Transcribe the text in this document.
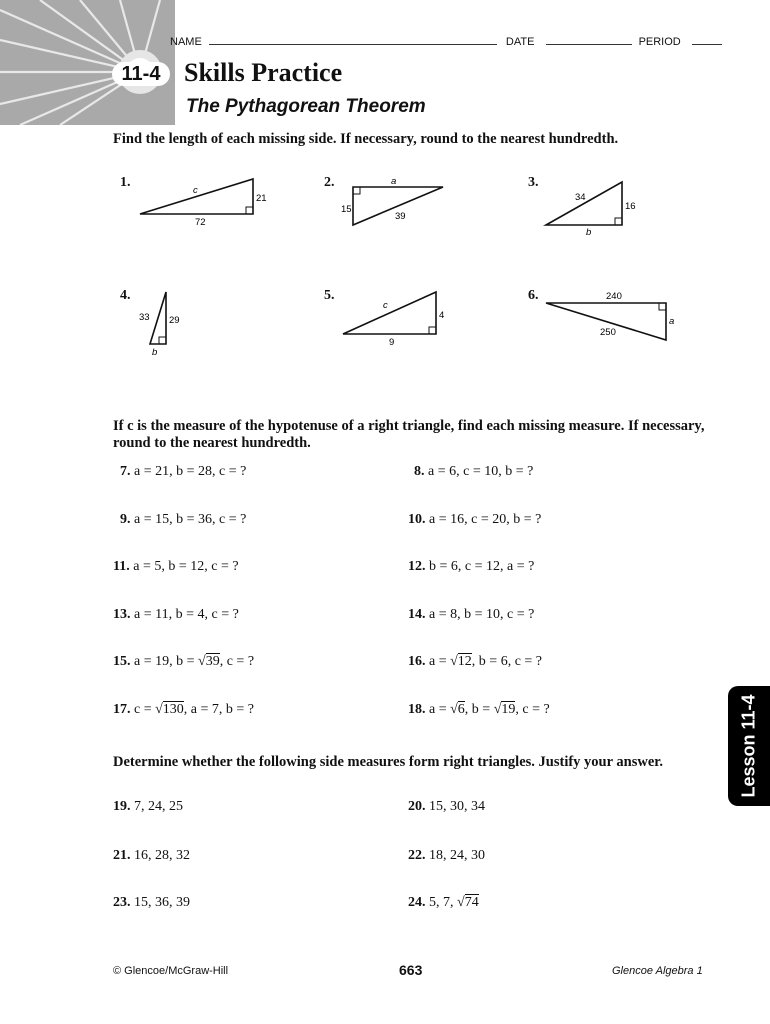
NAME	DATE	PERIOD
11-4 Skills Practice
The Pythagorean Theorem
Find the length of each missing side. If necessary, round to the nearest hundredth.
1.
c
21
72
2.	a
15
39
3.
34
16
b
4.
33 29
b
5.
c
4
9
6.	240
a
250
If c is the measure of the hypotenuse of a right triangle, find each missing measure. If necessary, round to the nearest hundredth.
7. a = 21, b = 28, c = ?	8. a = 6, c = 10, b = ?
9. a = 15, b = 36, c = ?	10. a = 16, c = 20, b = ?
11. a = 5, b = 12, c = ?	12. b = 6, c = 12, a = ?
13. a = 11, b = 4, c = ?	14. a = 8, b = 10, c = ?
15. a = 19, b = √39, c = ?	16. a = √12, b = 6, c = ?
17. c = √130, a = 7, b = ?	18. a = √6, b = √19, c = ?
Determine whether the following side measures form right triangles. Justify your answer.
19. 7, 24, 25	20. 15, 30, 34
21. 16, 28, 32	22. 18, 24, 30
23. 15, 36, 39	24. 5, 7, √74
Lesson 11-4
© Glencoe/McGraw-Hill	663	Glencoe Algebra 1
